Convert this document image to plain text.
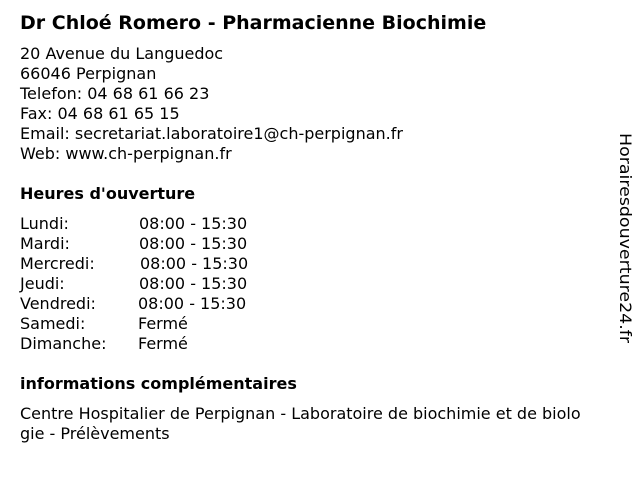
Dr Chloé Romero - Pharmacienne Biochimie
20 Avenue du Languedoc
66046 Perpignan
Telefon: 04 68 61 66 23
Fax: 04 68 61 65 15
Email: secretariat.laboratoire1@ch-perpignan.fr
Web: www.ch-perpignan.fr
Heures d'ouverture
Lundi:	08:00 - 15:30
Mardi:	08:00 - 15:30
Mercredi:	08:00 - 15:30
Jeudi:	08:00 - 15:30
Vendredi:	08:00 - 15:30
Samedi:	Fermé
Dimanche: Fermé
informations complémentaires
Centre Hospitalier de Perpignan - Laboratoire de biochimie et de biolo
gie - Prélèvements
Horairesdouverture24.fr
